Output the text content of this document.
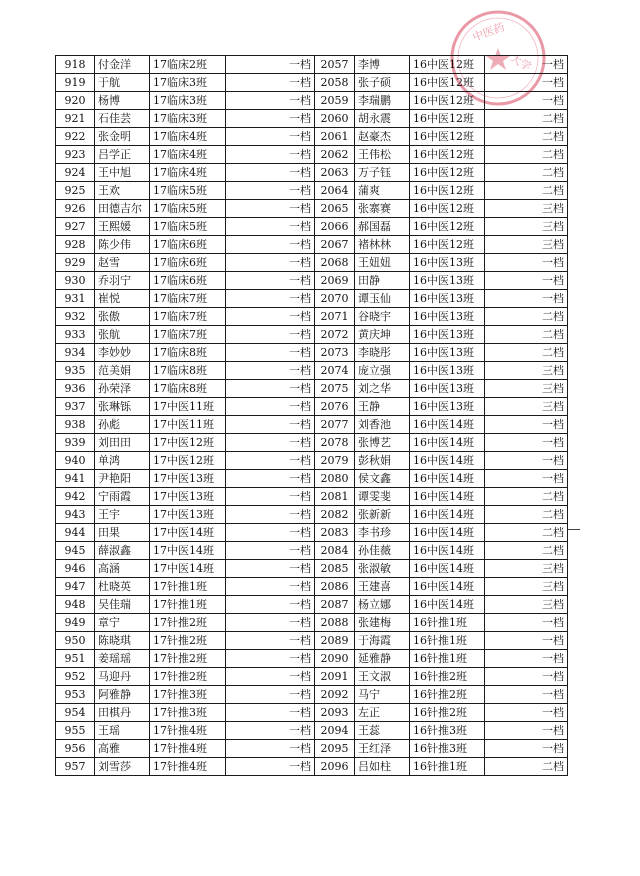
中医药
大学
918	付金洋	17临床2班	一档	2057	李博	16中医12班	一档
919	于航	17临床3班	一档	2058	张子硕	16中医12班	一档
920	杨博	17临床3班	一档	2059	李瑞鹏	16中医12班	一档
921	石佳芸	17临床3班	一档	2060	胡永震	16中医12班	二档
922	张金明	17临床4班	一档	2061	赵豪杰	16中医12班	二档
923	吕学正	17临床4班	一档	2062	王伟松	16中医12班	二档
924	王中旭	17临床4班	一档	2063	万子钰	16中医12班	二档
925	王欢	17临床5班	一档	2064	蒲爽	16中医12班	二档
926	田德吉尔	17临床5班	一档	2065	张寨赛	16中医12班	三档
927	王熙媛	17临床5班	一档	2066	郝国磊	16中医12班	三档
928	陈少伟	17临床6班	一档	2067	褚林林	16中医12班	三档
929	赵雪	17临床6班	一档	2068	王妞妞	16中医13班	一档
930	乔羽宁	17临床6班	一档	2069	田静	16中医13班	一档
931	崔悦	17临床7班	一档	2070	谭玉仙	16中医13班	一档
932	张傲	17临床7班	一档	2071	谷晓宇	16中医13班	二档
933	张航	17临床7班	一档	2072	黄庆坤	16中医13班	二档
934	李妙妙	17临床8班	一档	2073	李晓彤	16中医13班	二档
935	范美娟	17临床8班	一档	2074	庞立强	16中医13班	三档
936	孙荣泽	17临床8班	一档	2075	刘之华	16中医13班	三档
937	张琳铄	17中医11班	一档	2076	王静	16中医13班	三档
938	孙彪	17中医11班	一档	2077	刘香池	16中医14班	一档
939	刘田田	17中医12班	一档	2078	张博艺	16中医14班	一档
940	单鸿	17中医12班	一档	2079	彭秋娟	16中医14班	一档
941	尹艳阳	17中医13班	一档	2080	侯文鑫	16中医14班	一档
942	宁雨霞	17中医13班	一档	2081	谭雯斐	16中医14班	二档
943	王宇	17中医13班	一档	2082	张新新	16中医14班	二档
944	田果	17中医14班	一档	2083	李书珍	16中医14班	二档
945	薛淑鑫	17中医14班	一档	2084	孙佳薇	16中医14班	二档
946	高涵	17中医14班	一档	2085	张淑敏	16中医14班	三档
947	杜晓英	17针推1班	一档	2086	王建喜	16中医14班	三档
948	吴佳瑞	17针推1班	一档	2087	杨立娜	16中医14班	三档
949	章宁	17针推2班	一档	2088	张建梅	16针推1班	一档
950	陈晓琪	17针推2班	一档	2089	于海霞	16针推1班	一档
951	姜瑶瑶	17针推2班	一档	2090	延雅静	16针推1班	一档
952	马迎丹	17针推2班	一档	2091	王文淑	16针推2班	一档
953	阿雅静	17针推3班	一档	2092	马宁	16针推2班	一档
954	田棋丹	17针推3班	一档	2093	左正	16针推2班	一档
955	王瑶	17针推4班	一档	2094	王蕊	16针推3班	一档
956	高雅	17针推4班	一档	2095	王红泽	16针推3班	一档
957	刘雪莎	17针推4班	一档	2096	吕如柱	16针推1班	二档
